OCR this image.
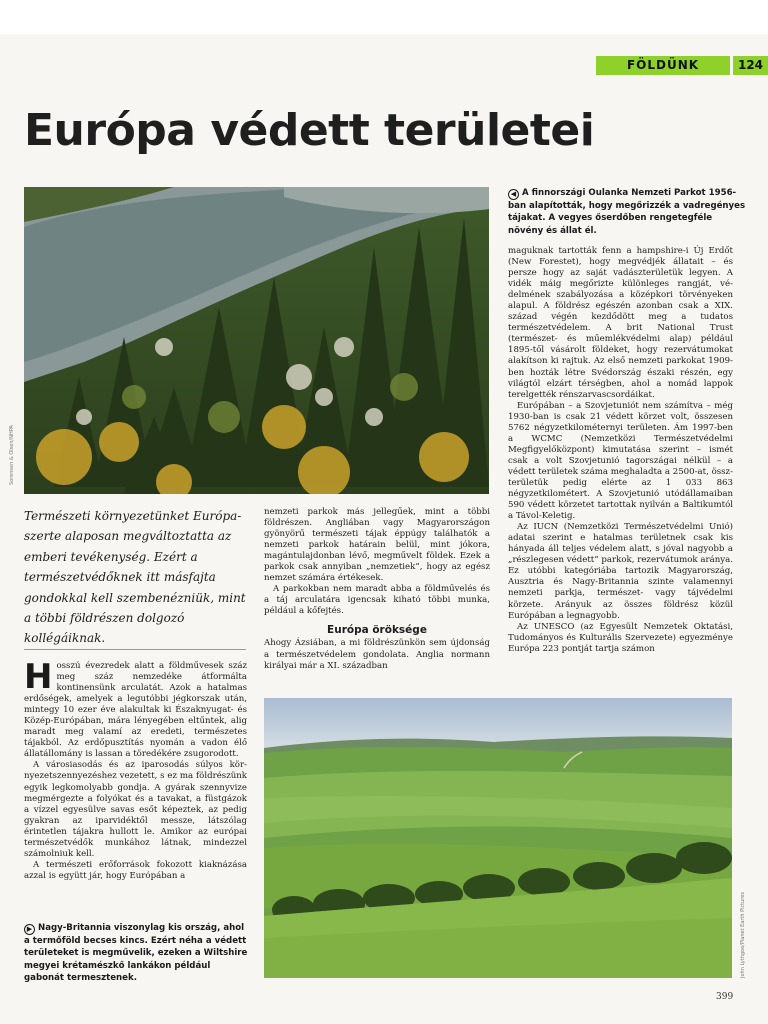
FÖLDÜNK	124
Európa védett területei
Sorensen & Olsen/NHPA
◀ A finnországi Oulanka Nemzeti Parkot 1956-ban alapították, hogy megőrizzék a vadregényes tájakat. A vegyes őserdőben rengetegféle növény és állat él.
Természeti környezetünket Európa-szerte alaposan megváltoztatta az emberi tevékenység. Ezért a természetvédőknek itt másfajta gondokkal kell szembenézniük, mint a többi földrészen dolgozó kollégáiknak.

Hosszú évezredek alatt a földművesek száz meg száz nemzedéke átformálta kontinensünk arculatát. Azok a hatalmas erdőségek, amelyek a legutóbbi jégkorszak után, mintegy 10 ezer éve alakultak ki Északnyugat- és Közép-Európában, mára lényegében eltűntek, alig maradt meg valamí az eredeti, természetes tájakból. Az erdőpusztítás nyomán a vadon élő állatállomány is lassan a töredékére zsugorodott.

A városiasodás és az iparosodás súlyos környezetszennyezéshez vezetett, s ez ma földrészünk egyik legkomolyabb gondja. A gyárak szennyvize megmérgezte a folyókat és a tavakat, a füstgázok a vízzel egyesülve savas esőt képeztek, az pedig gyakran az iparvidéktől messze, látszólag érintetlen tájakra hullott le. Amikor az európai természetvédők munkához látnak, mindezzel számolniuk kell.

A természeti erőforrások fokozott kiaknázása azzal is együtt jár, hogy Európában a

▶ Nagy-Britannia viszonylag kis ország, ahol a termőföld becses kincs. Ezért néha a védett területeket is megművelik, ezeken a Wiltshire megyei krétamészkő lankákon például gabonát termesztenek.

nemzeti parkok más jellegűek, mint a többi földrészen. Angliában vagy Magyarországon gyönyörű természeti tájak éppúgy találhatók a nemzeti parkok határain belül, mint jókora, magántulajdonban lévő, megművelt földek. Ezek a parkok csak annyiban „nemzetiek”, hogy az egész nemzet számára értékesek.

A parkokban nem maradt abba a földművelés és a táj arculatára igencsak kiható többi munka, például a kőfejtés.

Európa öröksége

Ahogy Ázsiában, a mi földrészünkön sem újdonság a természetvédelem gondolata. Anglia normann királyai már a XI. században

maguknak tartották fenn a hampshire-i Új Erdőt (New Forestet), hogy megvédjék állatait – és persze hogy az saját vadászterületük legyen. A vidék máig megőrizte különleges rangját, védelmének szabályozása a középkori törvényeken alapul. A földrész egészén azonban csak a XIX. század végén kezdődött meg a tudatos természetvédelem. A brit National Trust (természet- és műemlékvédelmi alap) például 1895-től vásárolt földeket, hogy rezervátumokat alakítson ki rajtuk. Az első nemzeti parkokat 1909-ben hozták létre Svédország északi részén, egy világtól elzárt térségben, ahol a nomád lappok terelgették rénszarvascsordáikat.

Európában – a Szovjetuniót nem számítva – még 1930-ban is csak 21 védett körzet volt, összesen 5762 négyzetkilométernyi területen. Ám 1997-ben a WCMC (Nemzetközi Természetvédelmi Megfigyelőközpont) kimutatása szerint – ismét csak a volt Szovjetunió tagországai nélkül – a védett területek száma meghaladta a 2500-at, összterületük pedig elérte az 1 033 863 négyzetkilométert. A Szovjetunió utódállamaiban 590 védett körzetet tartottak nyilván a Baltikumtól a Távol-Keletig.

Az IUCN (Nemzetközi Természetvédelmi Unió) adatai szerint e hatalmas területnek csak kis hányada áll teljes védelem alatt, s jóval nagyobb a „részlegesen védett” parkok, rezervátumok aránya. Ez utóbbi kategóriába tartozik Magyarország, Ausztria és Nagy-Britannia szinte valamennyi nemzeti parkja, természet- vagy tájvédelmi körzete. Arányuk az összes földrész közül Európában a legnagyobb.

Az UNESCO (az Egyesült Nemzetek Oktatási, Tudományos és Kulturális Szervezete) egyezménye Európa 223 pontját tartja számon

John Lythgoe/Planet Earth Pictures
399
